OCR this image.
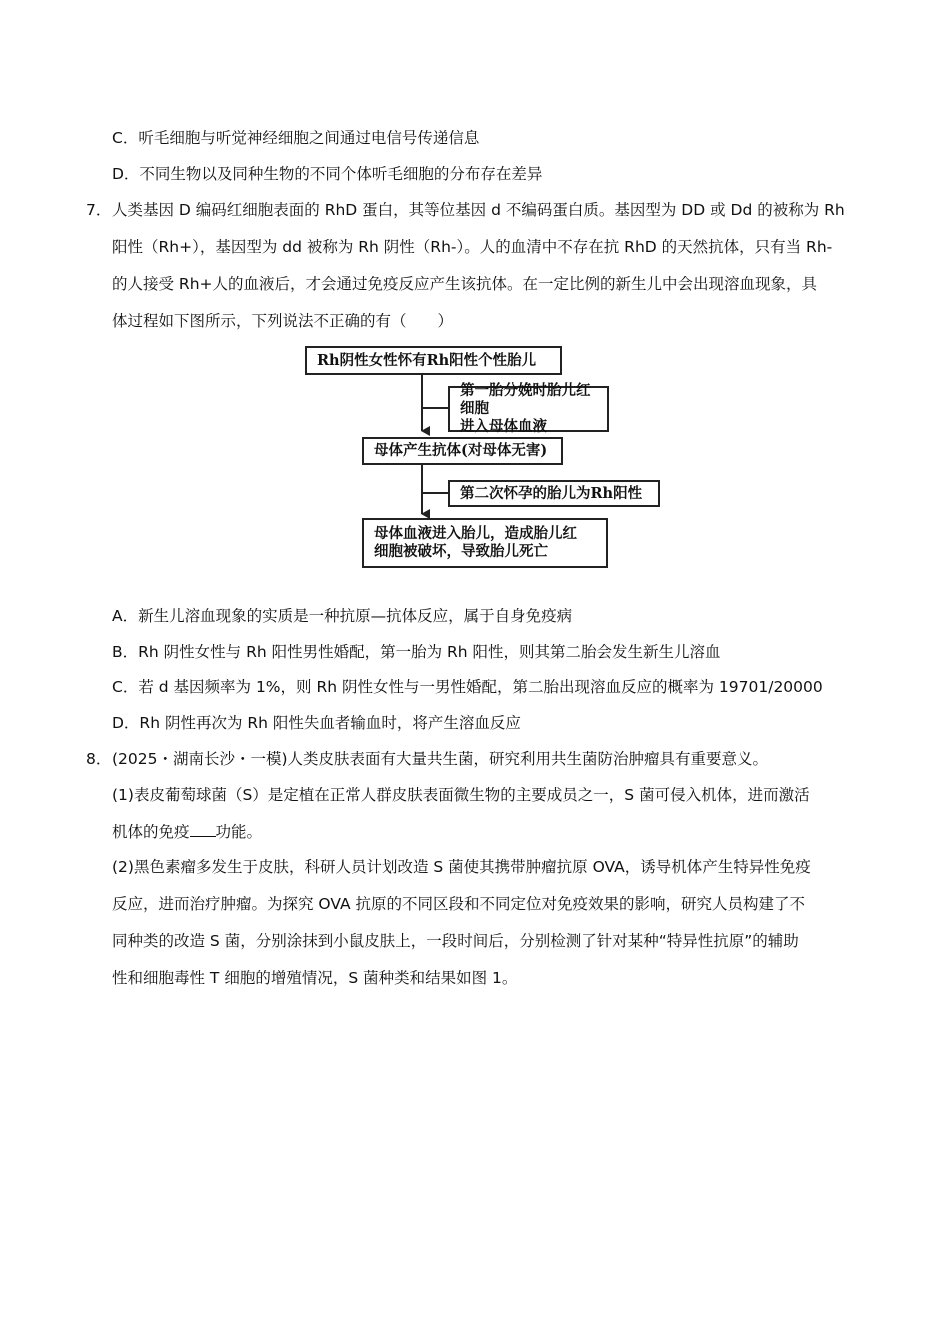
C．听毛细胞与听觉神经细胞之间通过电信号传递信息
D．不同生物以及同种生物的不同个体听毛细胞的分布存在差异
7． 人类基因 D 编码红细胞表面的 RhD 蛋白，其等位基因 d 不编码蛋白质。基因型为 DD 或 Dd 的被称为 Rh
阳性（Rh+），基因型为 dd 被称为 Rh 阴性（Rh-）。人的血清中不存在抗 RhD 的天然抗体，只有当 Rh-
的人接受 Rh+人的血液后，才会通过免疫反应产生该抗体。在一定比例的新生儿中会出现溶血现象，具
体过程如下图所示，下列说法不正确的有（　　）
Rh阴性女性怀有Rh阳性个性胎儿
第一胎分娩时胎儿红细胞
进入母体血液
母体产生抗体(对母体无害)
第二次怀孕的胎儿为Rh阳性
母体血液进入胎儿，造成胎儿红
细胞被破坏，导致胎儿死亡
A．新生儿溶血现象的实质是一种抗原—抗体反应，属于自身免疫病
B．Rh 阴性女性与 Rh 阳性男性婚配，第一胎为 Rh 阳性，则其第二胎会发生新生儿溶血
C．若 d 基因频率为 1%，则 Rh 阴性女性与一男性婚配，第二胎出现溶血反应的概率为 19701/20000
D．Rh 阴性再次为 Rh 阳性失血者输血时，将产生溶血反应
8． (2025・湖南长沙・一模)人类皮肤表面有大量共生菌，研究利用共生菌防治肿瘤具有重要意义。
(1)表皮葡萄球菌（S）是定植在正常人群皮肤表面微生物的主要成员之一，S 菌可侵入机体，进而激活
机体的免疫 功能。
(2)黑色素瘤多发生于皮肤，科研人员计划改造 S 菌使其携带肿瘤抗原 OVA，诱导机体产生特异性免疫
反应，进而治疗肿瘤。为探究 OVA 抗原的不同区段和不同定位对免疫效果的影响，研究人员构建了不
同种类的改造 S 菌，分别涂抹到小鼠皮肤上，一段时间后，分别检测了针对某种“特异性抗原”的辅助
性和细胞毒性 T 细胞的增殖情况，S 菌种类和结果如图 1。
